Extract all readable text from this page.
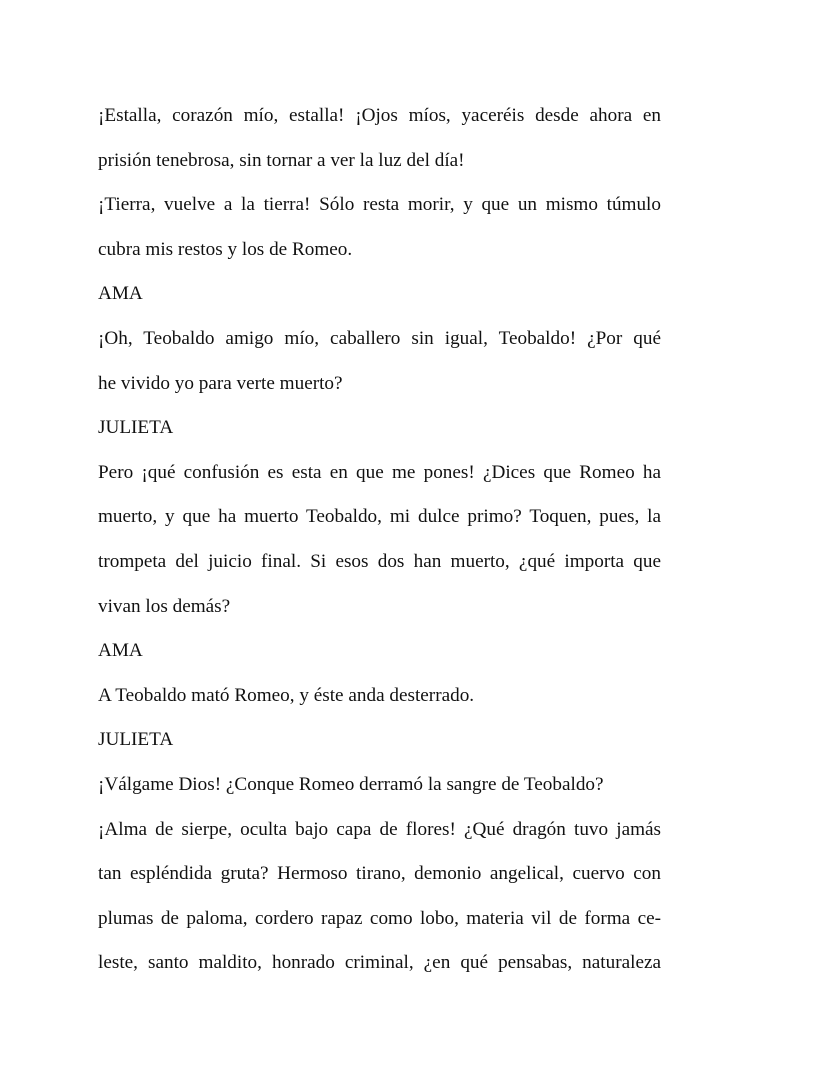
¡Estalla, corazón mío, estalla! ¡Ojos míos, yaceréis desde ahora en
prisión tenebrosa, sin tornar a ver la luz del día!
¡Tierra, vuelve a la tierra! Sólo resta morir, y que un mismo túmulo
cubra mis restos y los de Romeo.
AMA
¡Oh, Teobaldo amigo mío, caballero sin igual, Teobaldo! ¿Por qué
he vivido yo para verte muerto?
JULIETA
Pero ¡qué confusión es esta en que me pones! ¿Dices que Romeo ha
muerto, y que ha muerto Teobaldo, mi dulce primo? Toquen, pues, la
trompeta del juicio final. Si esos dos han muerto, ¿qué importa que
vivan los demás?
AMA
A Teobaldo mató Romeo, y éste anda desterrado.
JULIETA
¡Válgame Dios! ¿Conque Romeo derramó la sangre de Teobaldo?
¡Alma de sierpe, oculta bajo capa de flores! ¿Qué dragón tuvo jamás
tan espléndida gruta? Hermoso tirano, demonio angelical, cuervo con
plumas de paloma, cordero rapaz como lobo, materia vil de forma ce-
leste, santo maldito, honrado criminal, ¿en qué pensabas, naturaleza
